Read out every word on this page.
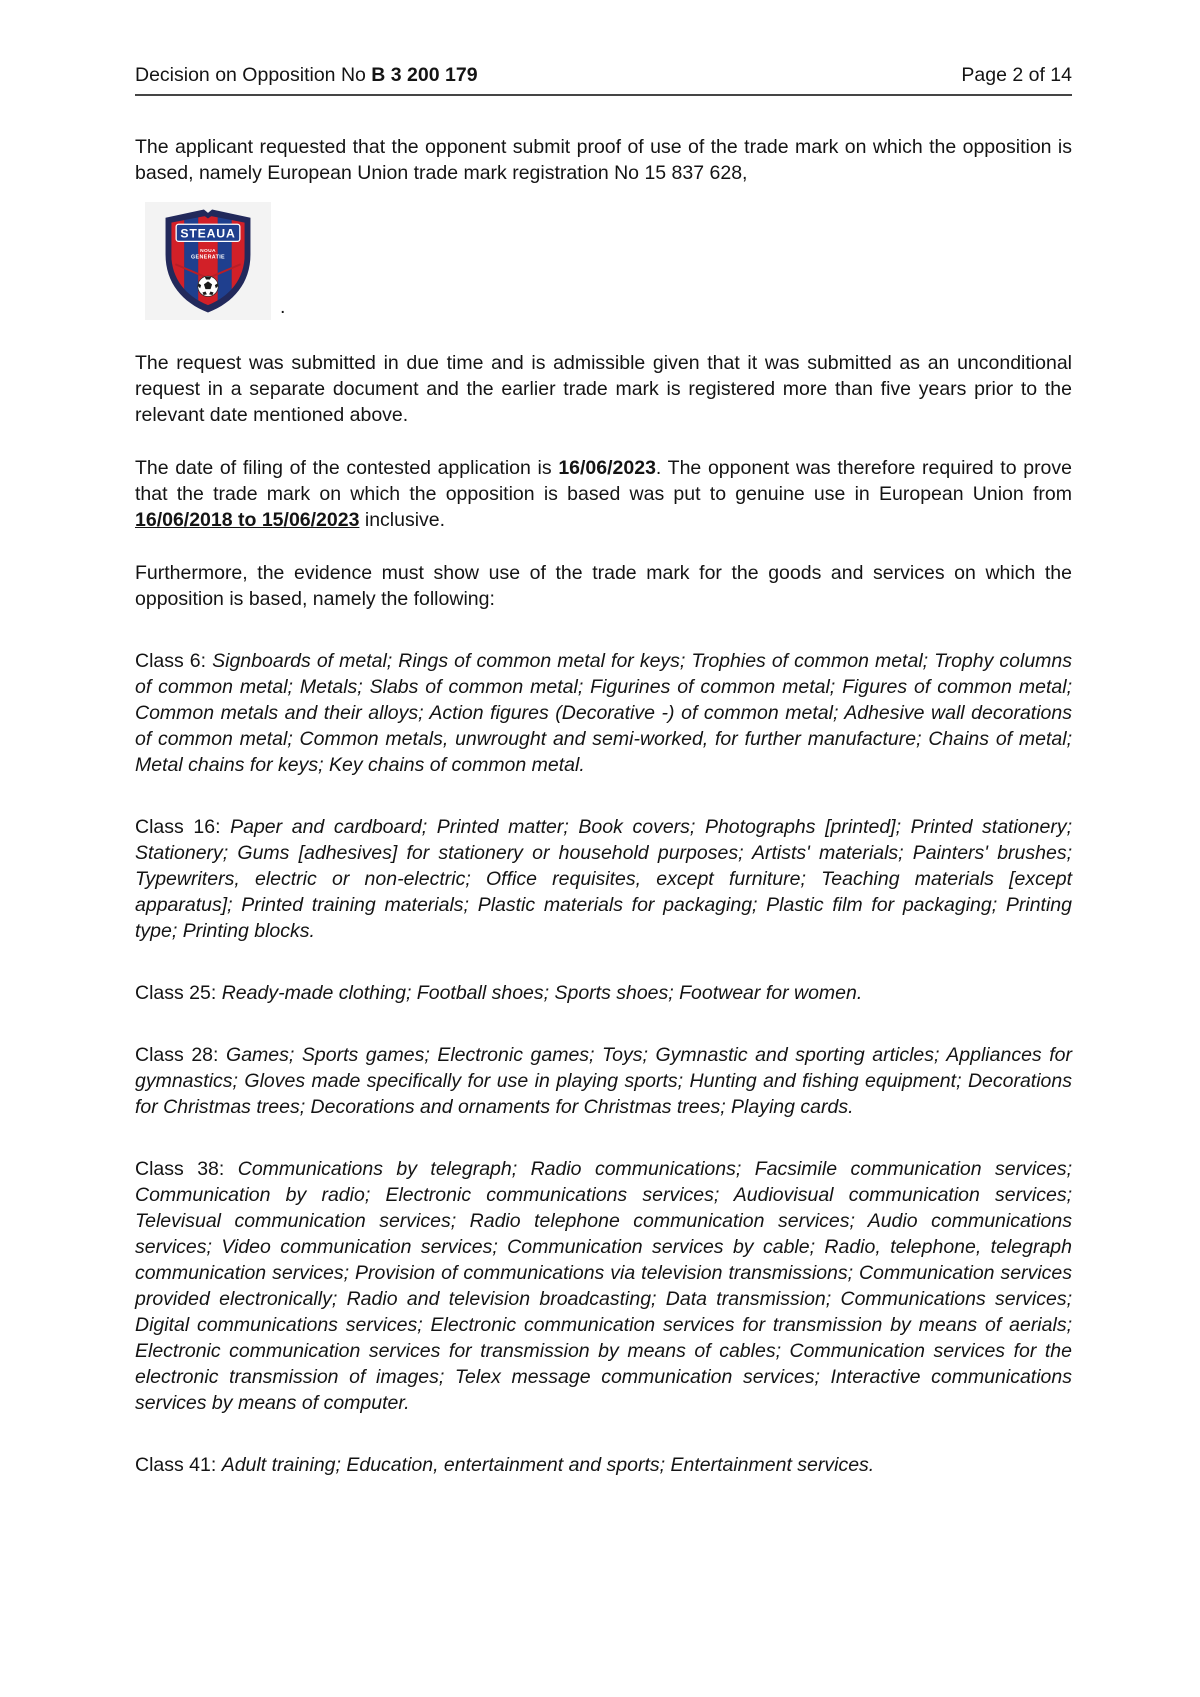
Decision on Opposition No B 3 200 179	Page 2 of 14

The applicant requested that the opponent submit proof of use of the trade mark on which the opposition is based, namely European Union trade mark registration No 15 837 628,

STEAUA
NOUA
GENERATIE
.

The request was submitted in due time and is admissible given that it was submitted as an unconditional request in a separate document and the earlier trade mark is registered more than five years prior to the relevant date mentioned above.

The date of filing of the contested application is 16/06/2023. The opponent was therefore required to prove that the trade mark on which the opposition is based was put to genuine use in European Union from 16/06/2018 to 15/06/2023 inclusive.

Furthermore, the evidence must show use of the trade mark for the goods and services on which the opposition is based, namely the following:

Class 6: Signboards of metal; Rings of common metal for keys; Trophies of common metal; Trophy columns of common metal; Metals; Slabs of common metal; Figurines of common metal; Figures of common metal; Common metals and their alloys; Action figures (Decorative -) of common metal; Adhesive wall decorations of common metal; Common metals, unwrought and semi-worked, for further manufacture; Chains of metal; Metal chains for keys; Key chains of common metal.

Class 16: Paper and cardboard; Printed matter; Book covers; Photographs [printed]; Printed stationery; Stationery; Gums [adhesives] for stationery or household purposes; Artists' materials; Painters' brushes; Typewriters, electric or non-electric; Office requisites, except furniture; Teaching materials [except apparatus]; Printed training materials; Plastic materials for packaging; Plastic film for packaging; Printing type; Printing blocks.

Class 25: Ready-made clothing; Football shoes; Sports shoes; Footwear for women.

Class 28: Games; Sports games; Electronic games; Toys; Gymnastic and sporting articles; Appliances for gymnastics; Gloves made specifically for use in playing sports; Hunting and fishing equipment; Decorations for Christmas trees; Decorations and ornaments for Christmas trees; Playing cards.

Class 38: Communications by telegraph; Radio communications; Facsimile communication services; Communication by radio; Electronic communications services; Audiovisual communication services; Televisual communication services; Radio telephone communication services; Audio communications services; Video communication services; Communication services by cable; Radio, telephone, telegraph communication services; Provision of communications via television transmissions; Communication services provided electronically; Radio and television broadcasting; Data transmission; Communications services; Digital communications services; Electronic communication services for transmission by means of aerials; Electronic communication services for transmission by means of cables; Communication services for the electronic transmission of images; Telex message communication services; Interactive communications services by means of computer.

Class 41: Adult training; Education, entertainment and sports; Entertainment services.
